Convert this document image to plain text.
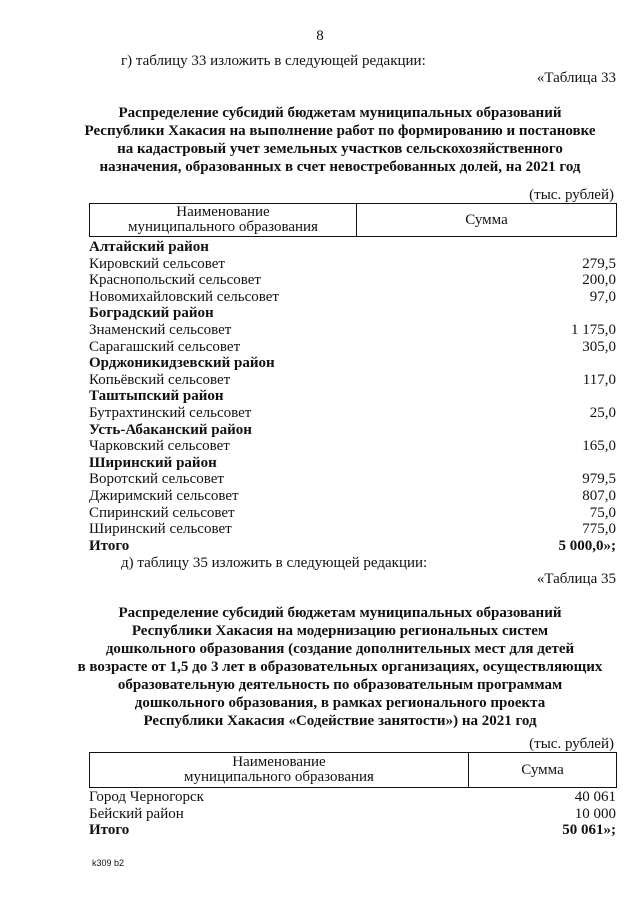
8
г) таблицу 33 изложить в следующей редакции:
«Таблица 33
Распределение субсидий бюджетам муниципальных образований
Республики Хакасия на выполнение работ по формированию и постановке
на кадастровый учет земельных участков сельскохозяйственного
назначения, образованных в счет невостребованных долей, на 2021 год
(тыс. рублей)
Наименование
муниципального образования	Сумма
Алтайский район
Кировский сельсовет	279,5
Краснопольский сельсовет	200,0
Новомихайловский сельсовет	97,0
Боградский район
Знаменский сельсовет	1 175,0
Сарагашский сельсовет	305,0
Орджоникидзевский район
Копьёвский сельсовет	117,0
Таштыпский район
Бутрахтинский сельсовет	25,0
Усть-Абаканский район
Чарковский сельсовет	165,0
Ширинский район
Воротский сельсовет	979,5
Джиримский сельсовет	807,0
Спиринский сельсовет	75,0
Ширинский сельсовет	775,0
Итого	5 000,0»;
д) таблицу 35 изложить в следующей редакции:
«Таблица 35
Распределение субсидий бюджетам муниципальных образований
Республики Хакасия на модернизацию региональных систем
дошкольного образования (создание дополнительных мест для детей
в возрасте от 1,5 до 3 лет в образовательных организациях, осуществляющих
образовательную деятельность по образовательным программам
дошкольного образования, в рамках регионального проекта
Республики Хакасия «Содействие занятости») на 2021 год
(тыс. рублей)
Наименование
муниципального образования	Сумма
Город Черногорск	40 061
Бейский район	10 000
Итого	50 061»;
k309 b2
